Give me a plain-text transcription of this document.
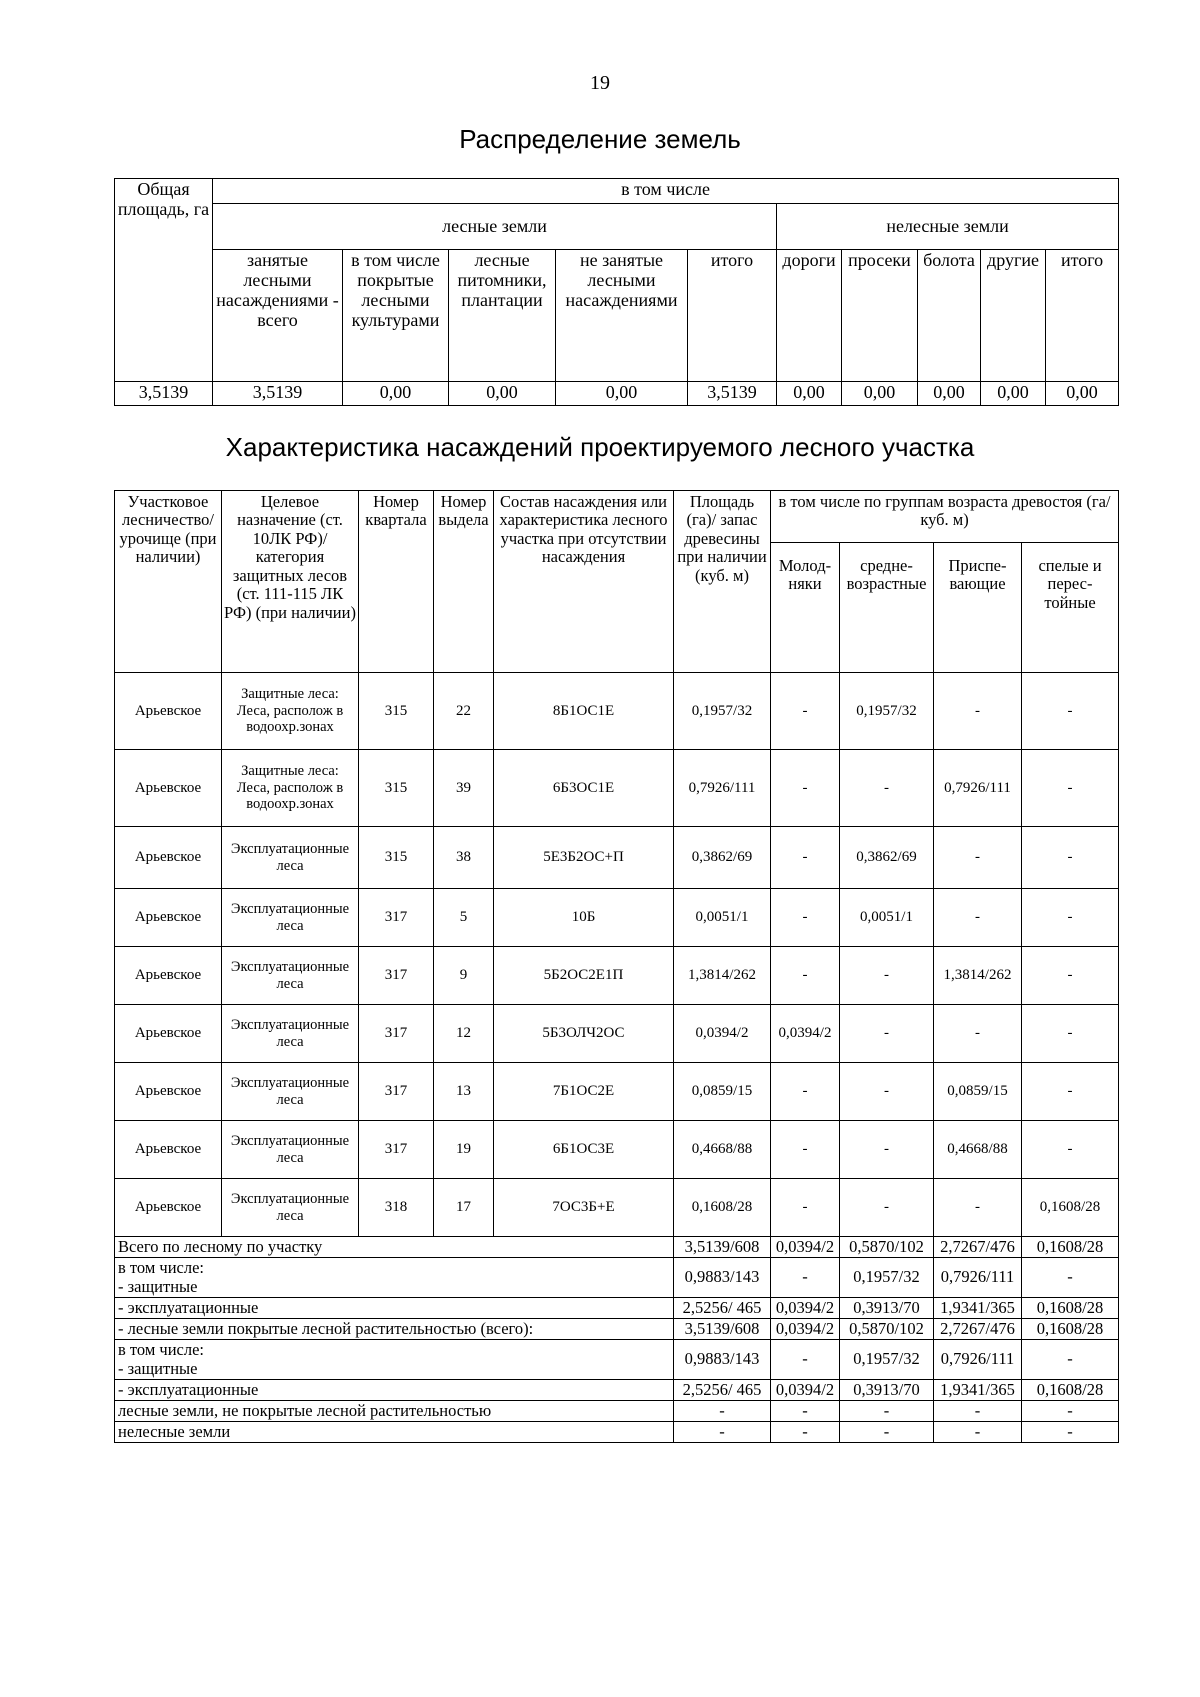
19
Распределение земель
Общая площадь, га	в том числе									
	лесные земли					нелесные земли				
	занятые лесными насаждениями - всего	в том числе покрытые лесными культурами	лесные питомники, плантации	не занятые лесными насаждениями	итого	дороги	просеки	болота	другие	итого
3,5139	3,5139	0,00	0,00	0,00	3,5139	0,00	0,00	0,00	0,00	0,00
Характеристика насаждений проектируемого лесного участка
Участковое лесничество/ урочище (при наличии)	Целевое назначение (ст. 10ЛК РФ)/ категория защитных лесов (ст. 111-115 ЛК РФ) (при наличии)	Номер квартала	Номер выдела	Состав насаждения или характеристика лесного участка при отсутствии насаждения	Площадь (га)/ запас древесины при наличии (куб. м)	в том числе по группам возраста древостоя (га/куб. м)			
						Молод-няки	средне-возрастные	Приспе-вающие	спелые и перес-тойные
Арьевское	Защитные леса: Леса, располож в водоохр.зонах	315	22	8Б1ОС1Е	0,1957/32	-	0,1957/32	-	-
Арьевское	Защитные леса: Леса, располож в водоохр.зонах	315	39	6Б3ОС1Е	0,7926/111	-	-	0,7926/111	-
Арьевское	Эксплуатационные леса	315	38	5Е3Б2ОС+П	0,3862/69	-	0,3862/69	-	-
Арьевское	Эксплуатационные леса	317	5	10Б	0,0051/1	-	0,0051/1	-	-
Арьевское	Эксплуатационные леса	317	9	5Б2ОС2Е1П	1,3814/262	-	-	1,3814/262	-
Арьевское	Эксплуатационные леса	317	12	5Б3ОЛЧ2ОС	0,0394/2	0,0394/2	-	-	-
Арьевское	Эксплуатационные леса	317	13	7Б1ОС2Е	0,0859/15	-	-	0,0859/15	-
Арьевское	Эксплуатационные леса	317	19	6Б1ОС3Е	0,4668/88	-	-	0,4668/88	-
Арьевское	Эксплуатационные леса	318	17	7ОС3Б+Е	0,1608/28	-	-	-	0,1608/28

Всего по лесному по участку					3,5139/608	0,0394/2	0,5870/102	2,7267/476	0,1608/28

в том числе:
- защитные					0,9883/143	-	0,1957/32	0,7926/111	-

- эксплуатационные					2,5256/ 465	0,0394/2	0,3913/70	1,9341/365	0,1608/28

- лесные земли покрытые лесной растительностью (всего):					3,5139/608	0,0394/2	0,5870/102	2,7267/476	0,1608/28

в том числе:
- защитные					0,9883/143	-	0,1957/32	0,7926/111	-

- эксплуатационные					2,5256/ 465	0,0394/2	0,3913/70	1,9341/365	0,1608/28

лесные земли, не покрытые лесной растительностью					-	-	-	-	-

нелесные земли					-	-	-	-	-
